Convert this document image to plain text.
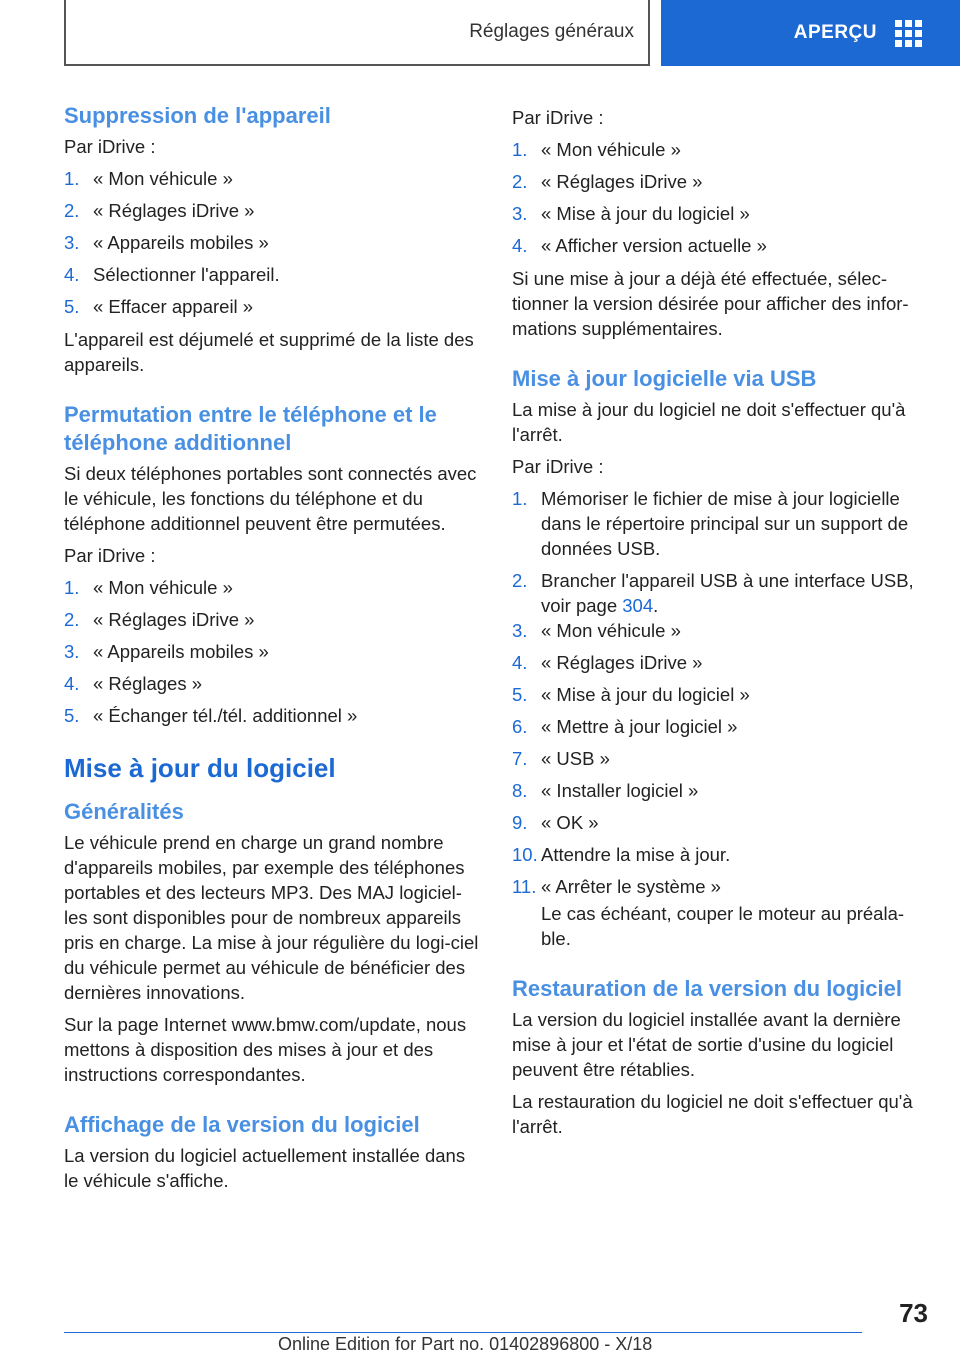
Réglages généraux	APERÇU
Suppression de l'appareil

Par iDrive :

1. « Mon véhicule »
2. « Réglages iDrive »
3. « Appareils mobiles »
4. Sélectionner l'appareil.
5. « Effacer appareil »

L'appareil est déjumelé et supprimé de la liste des appareils.

Permutation entre le téléphone et le téléphone additionnel

Si deux téléphones portables sont connectés avec le véhicule, les fonctions du téléphone et du téléphone additionnel peuvent être permutées.

Par iDrive :

1. « Mon véhicule »
2. « Réglages iDrive »
3. « Appareils mobiles »
4. « Réglages »
5. « Échanger tél./tél. additionnel »
Mise à jour du logiciel
Généralités

Le véhicule prend en charge un grand nombre d'appareils mobiles, par exemple des téléphones portables et des lecteurs MP3. Des MAJ logiciel-les sont disponibles pour de nombreux appareils pris en charge. La mise à jour régulière du logi-ciel du véhicule permet au véhicule de bénéficier des dernières innovations.

Sur la page Internet www.bmw.com/update, nous mettons à disposition des mises à jour et des instructions correspondantes.

Affichage de la version du logiciel

La version du logiciel actuellement installée dans le véhicule s'affiche.

Par iDrive :

1. « Mon véhicule »
2. « Réglages iDrive »
3. « Mise à jour du logiciel »
4. « Afficher version actuelle »

Si une mise à jour a déjà été effectuée, sélec-tionner la version désirée pour afficher des infor-mations supplémentaires.

Mise à jour logicielle via USB

La mise à jour du logiciel ne doit s'effectuer qu'à l'arrêt.

Par iDrive :

1. Mémoriser le fichier de mise à jour logicielle dans le répertoire principal sur un support de données USB.
2. Brancher l'appareil USB à une interface USB, voir page 304.
3. « Mon véhicule »
4. « Réglages iDrive »
5. « Mise à jour du logiciel »
6. « Mettre à jour logiciel »
7. « USB »
8. « Installer logiciel »
9. « OK »
10. Attendre la mise à jour.
11. « Arrêter le système »

Le cas échéant, couper le moteur au préala-ble.

Restauration de la version du logiciel

La version du logiciel installée avant la dernière mise à jour et l'état de sortie d'usine du logiciel peuvent être rétablies.

La restauration du logiciel ne doit s'effectuer qu'à l'arrêt.

73
Online Edition for Part no. 01402896800 - X/18
